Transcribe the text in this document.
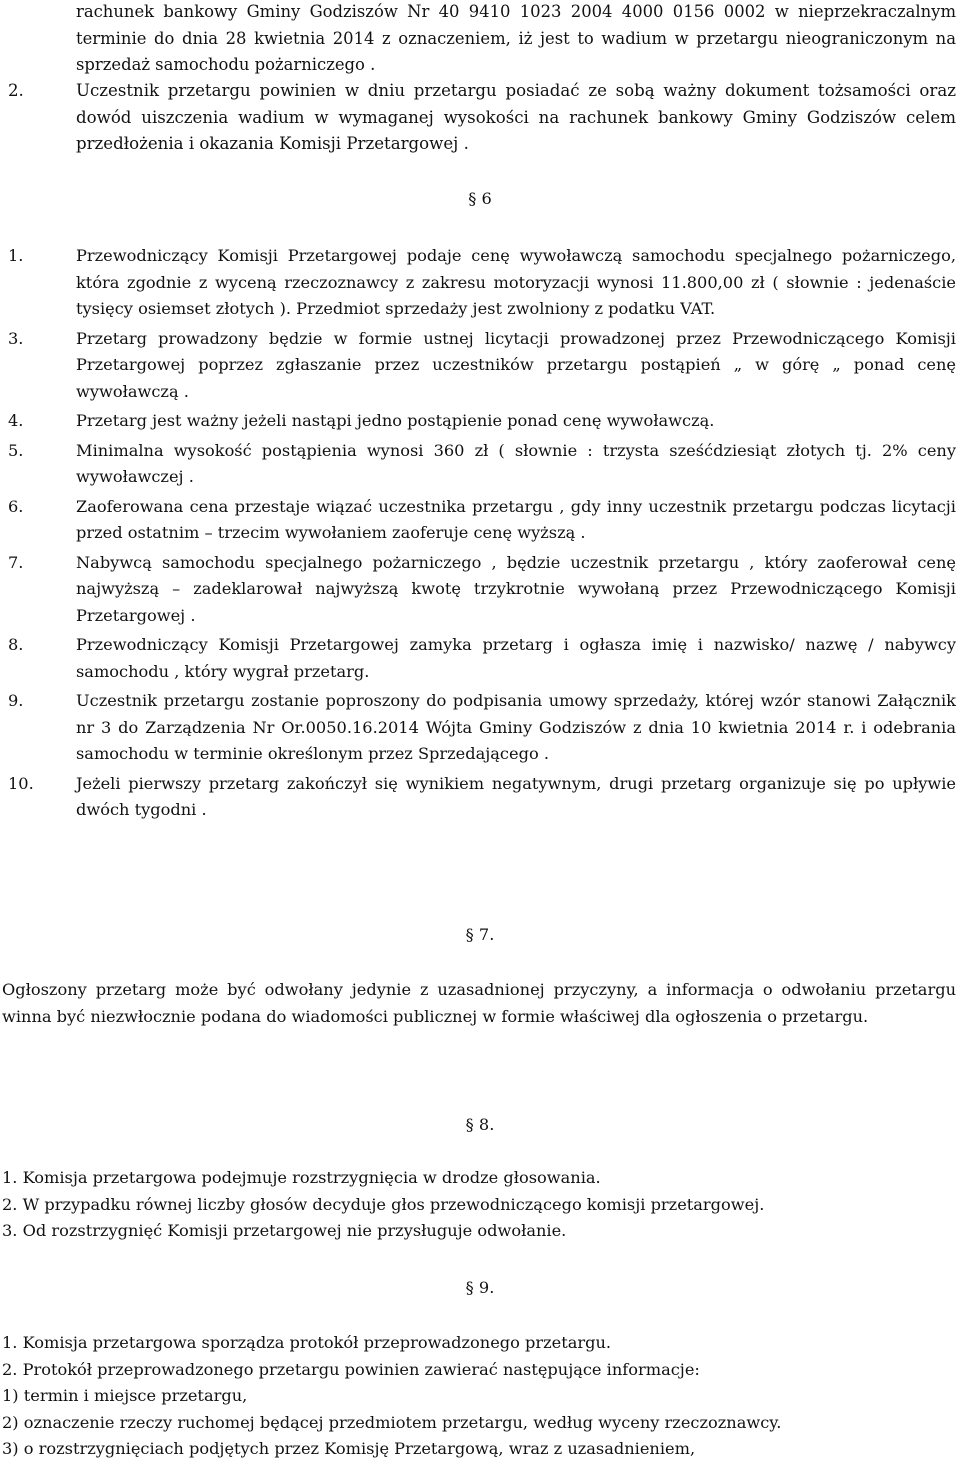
rachunek bankowy Gminy Godziszów Nr 40 9410 1023 2004 4000 0156 0002 w nieprzekraczalnym terminie do dnia 28 kwietnia 2014 z oznaczeniem, iż jest to wadium w przetargu nieograniczonym na sprzedaż samochodu pożarniczego .
2.	Uczestnik przetargu powinien w dniu przetargu posiadać ze sobą ważny dokument tożsamości oraz dowód uiszczenia wadium w wymaganej wysokości na rachunek bankowy Gminy Godziszów celem przedłożenia i okazania Komisji Przetargowej .
§ 6
1.	Przewodniczący Komisji Przetargowej podaje cenę wywoławczą samochodu specjalnego pożarniczego, która zgodnie z wyceną rzeczoznawcy z zakresu motoryzacji wynosi 11.800,00 zł ( słownie : jedenaście tysięcy osiemset złotych ). Przedmiot sprzedaży jest zwolniony z podatku VAT.
3.	Przetarg prowadzony będzie w formie ustnej licytacji prowadzonej przez Przewodniczącego Komisji Przetargowej poprzez zgłaszanie przez uczestników przetargu postąpień „ w górę „ ponad cenę wywoławczą .
4.	Przetarg jest ważny jeżeli nastąpi jedno postąpienie ponad cenę wywoławczą.
5.	Minimalna wysokość postąpienia wynosi 360 zł ( słownie : trzysta sześćdziesiąt złotych tj. 2% ceny wywoławczej .
6.	Zaoferowana cena przestaje wiązać uczestnika przetargu , gdy inny uczestnik przetargu podczas licytacji przed ostatnim – trzecim wywołaniem zaoferuje cenę wyższą .
7.	Nabywcą samochodu specjalnego pożarniczego , będzie uczestnik przetargu , który zaoferował cenę najwyższą – zadeklarował najwyższą kwotę trzykrotnie wywołaną przez Przewodniczącego Komisji Przetargowej .
8.	Przewodniczący Komisji Przetargowej zamyka przetarg i ogłasza imię i nazwisko/ nazwę / nabywcy samochodu , który wygrał przetarg.
9.	Uczestnik przetargu zostanie poproszony do podpisania umowy sprzedaży, której wzór stanowi Załącznik nr 3 do Zarządzenia Nr Or.0050.16.2014 Wójta Gminy Godziszów z dnia 10 kwietnia 2014 r. i odebrania samochodu w terminie określonym przez Sprzedającego .
10.	Jeżeli pierwszy przetarg zakończył się wynikiem negatywnym, drugi przetarg organizuje się po upływie dwóch tygodni .
§ 7.

Ogłoszony przetarg może być odwołany jedynie z uzasadnionej przyczyny, a informacja o odwołaniu przetargu winna być niezwłocznie podana do wiadomości publicznej w formie właściwej dla ogłoszenia o przetargu.

§ 8.
1. Komisja przetargowa podejmuje rozstrzygnięcia w drodze głosowania.
2. W przypadku równej liczby głosów decyduje głos przewodniczącego komisji przetargowej.
3. Od rozstrzygnięć Komisji przetargowej nie przysługuje odwołanie.
§ 9.
1. Komisja przetargowa sporządza protokół przeprowadzonego przetargu.
2. Protokół przeprowadzonego przetargu powinien zawierać następujące informacje:
1) termin i miejsce przetargu,
2) oznaczenie rzeczy ruchomej będącej przedmiotem przetargu, według wyceny rzeczoznawcy.
3) o rozstrzygnięciach podjętych przez Komisję Przetargową, wraz z uzasadnieniem,
